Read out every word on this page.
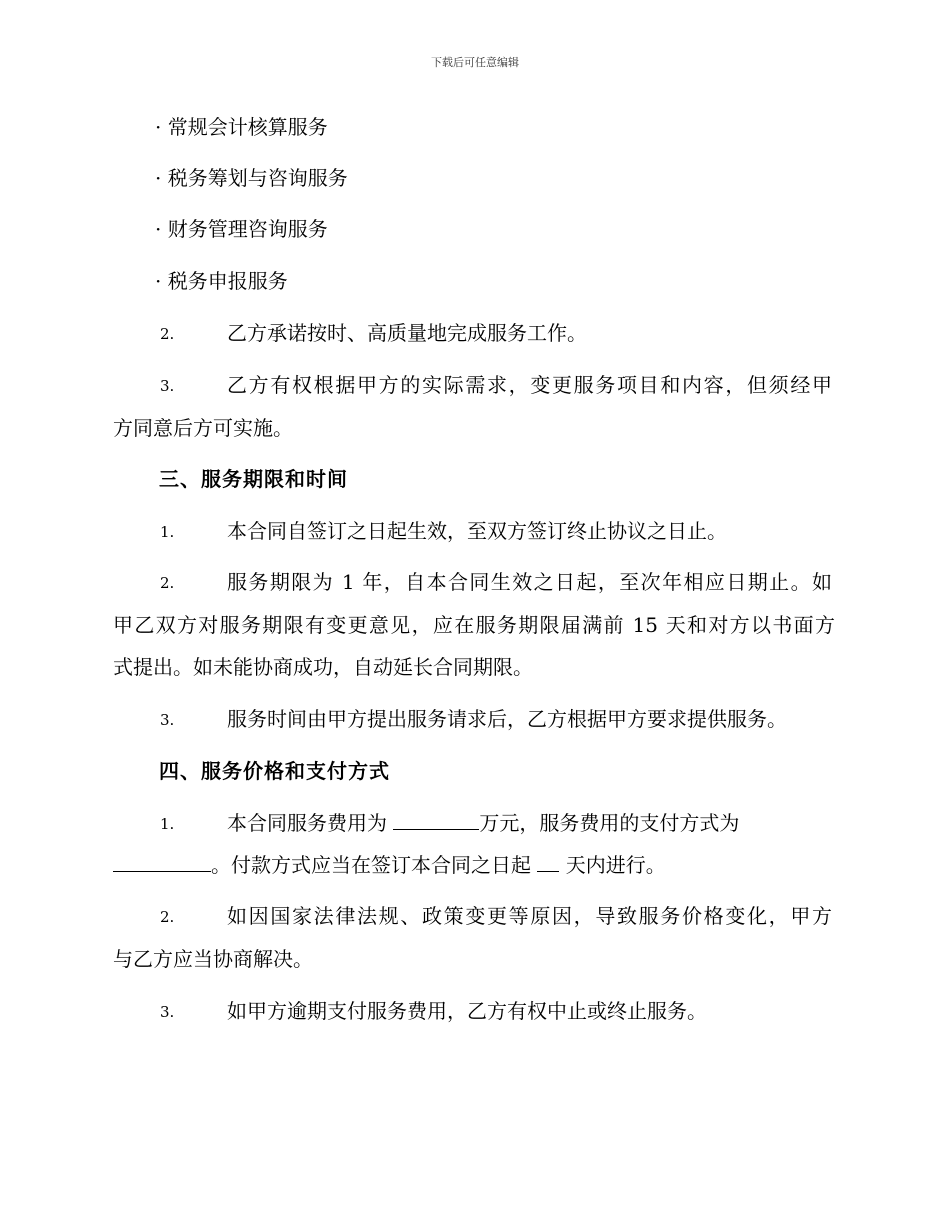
下载后可任意编辑
· 常规会计核算服务
· 税务筹划与咨询服务
· 财务管理咨询服务
· 税务申报服务
2.	乙方承诺按时、高质量地完成服务工作。
3.	乙方有权根据甲方的实际需求，变更服务项目和内容，但须经甲
方同意后方可实施。
三、服务期限和时间
1.	本合同自签订之日起生效，至双方签订终止协议之日止。
2.	服务期限为 1 年，自本合同生效之日起，至次年相应日期止。如
甲乙双方对服务期限有变更意见，应在服务期限届满前 15 天和对方以书面方
式提出。如未能协商成功，自动延长合同期限。
3.	服务时间由甲方提出服务请求后，乙方根据甲方要求提供服务。
四、服务价格和支付方式
1.	本合同服务费用为	万元，服务费用的支付方式为
。付款方式应当在签订本合同之日起  天内进行。
2.	如因国家法律法规、政策变更等原因，导致服务价格变化，甲方
与乙方应当协商解决。
3.	如甲方逾期支付服务费用，乙方有权中止或终止服务。
